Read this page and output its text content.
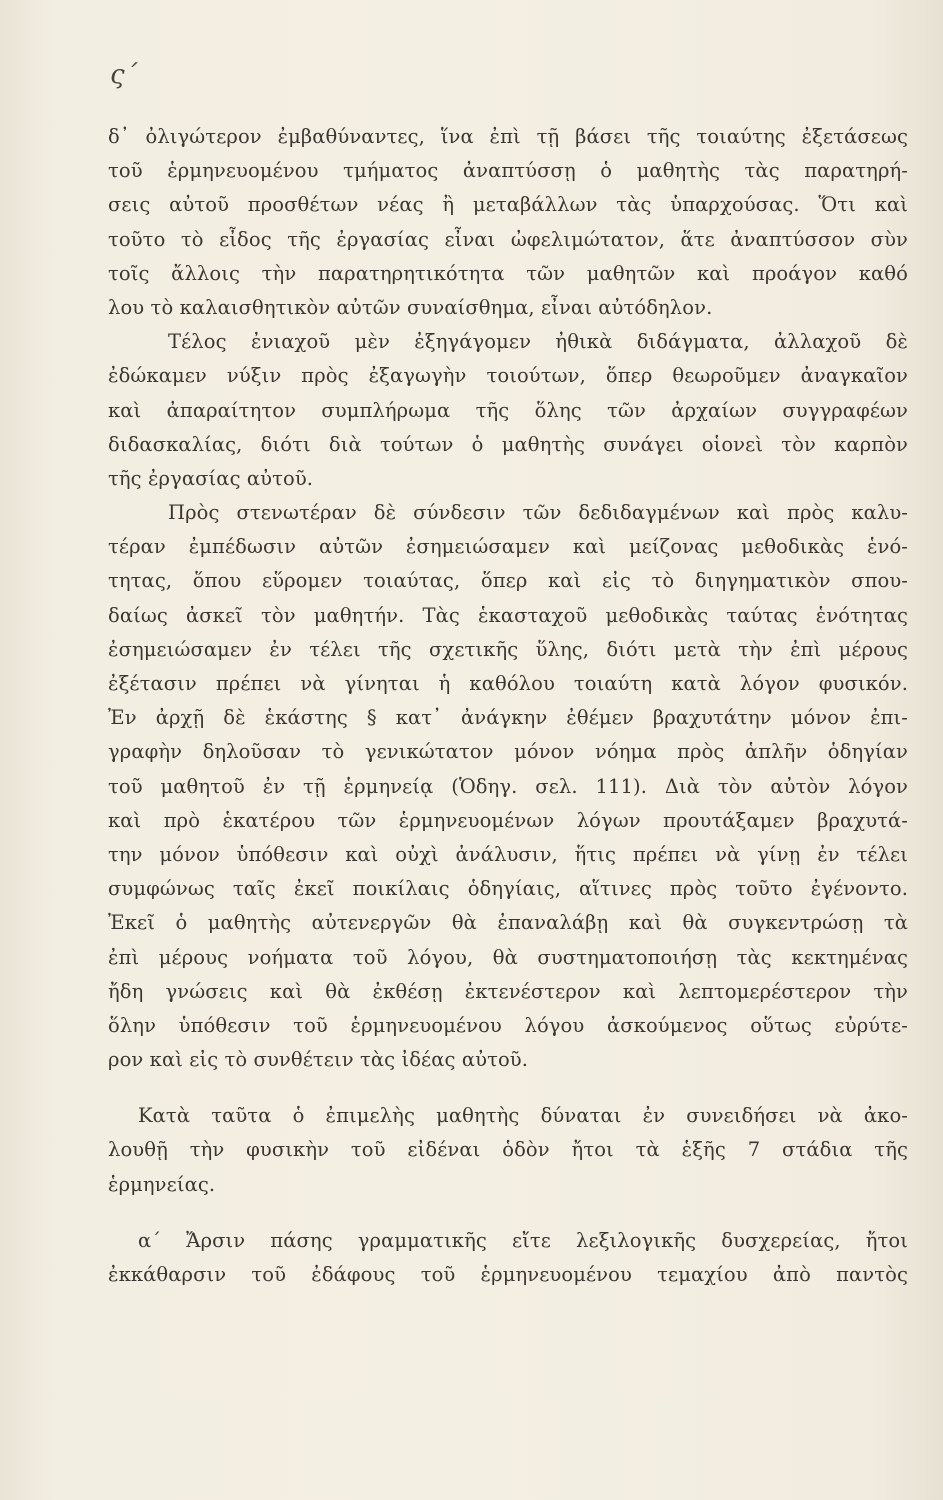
ς΄
δ᾽ ὀλιγώτερον ἐμβαθύναντες, ἵνα ἐπὶ τῇ βάσει τῆς τοιαύτης ἐξετάσεως
τοῦ ἑρμηνευομένου τμήματος ἀναπτύσσῃ ὁ μαθητὴς τὰς παρατηρή-
σεις αὐτοῦ προσθέτων νέας ἢ μεταβάλλων τὰς ὑπαρχούσας. Ὅτι καὶ
τοῦτο τὸ εἶδος τῆς ἐργασίας εἶναι ὠφελιμώτατον, ἅτε ἀναπτύσσον σὺν
τοῖς ἄλλοις τὴν παρατηρητικότητα τῶν μαθητῶν καὶ προάγον καθό
λου τὸ καλαισθητικὸν αὐτῶν συναίσθημα, εἶναι αὐτόδηλον.
Τέλος ἐνιαχοῦ μὲν ἐξηγάγομεν ἠθικὰ διδάγματα, ἀλλαχοῦ δὲ
ἐδώκαμεν νύξιν πρὸς ἐξαγωγὴν τοιούτων, ὅπερ θεωροῦμεν ἀναγκαῖον
καὶ ἀπαραίτητον συμπλήρωμα τῆς ὅλης τῶν ἀρχαίων συγγραφέων
διδασκαλίας, διότι διὰ τούτων ὁ μαθητὴς συνάγει οἱονεὶ τὸν καρπὸν
τῆς ἐργασίας αὐτοῦ.
Πρὸς στενωτέραν δὲ σύνδεσιν τῶν δεδιδαγμένων καὶ πρὸς καλυ-
τέραν ἐμπέδωσιν αὐτῶν ἐσημειώσαμεν καὶ μείζονας μεθοδικὰς ἑνό-
τητας, ὅπου εὕρομεν τοιαύτας, ὅπερ καὶ εἰς τὸ διηγηματικὸν σπου-
δαίως ἀσκεῖ τὸν μαθητήν. Τὰς ἑκασταχοῦ μεθοδικὰς ταύτας ἑνότητας
ἐσημειώσαμεν ἐν τέλει τῆς σχετικῆς ὕλης, διότι μετὰ τὴν ἐπὶ μέρους
ἐξέτασιν πρέπει νὰ γίνηται ἡ καθόλου τοιαύτη κατὰ λόγον φυσικόν.
Ἐν ἀρχῇ δὲ ἑκάστης § κατ᾽ ἀνάγκην ἐθέμεν βραχυτάτην μόνον ἐπι-
γραφὴν δηλοῦσαν τὸ γενικώτατον μόνον νόημα πρὸς ἁπλῆν ὁδηγίαν
τοῦ μαθητοῦ ἐν τῇ ἑρμηνείᾳ (Ὁδηγ. σελ. 111). Διὰ τὸν αὐτὸν λόγον
καὶ πρὸ ἑκατέρου τῶν ἑρμηνευομένων λόγων προυτάξαμεν βραχυτά-
την μόνον ὑπόθεσιν καὶ οὐχὶ ἀνάλυσιν, ἥτις πρέπει νὰ γίνῃ ἐν τέλει
συμφώνως ταῖς ἐκεῖ ποικίλαις ὁδηγίαις, αἵτινες πρὸς τοῦτο ἐγένοντο.
Ἐκεῖ ὁ μαθητὴς αὐτενεργῶν θὰ ἐπαναλάβῃ καὶ θὰ συγκεντρώσῃ τὰ
ἐπὶ μέρους νοήματα τοῦ λόγου, θὰ συστηματοποιήσῃ τὰς κεκτημένας
ἤδη γνώσεις καὶ θὰ ἐκθέσῃ ἐκτενέστερον καὶ λεπτομερέστερον τὴν
ὅλην ὑπόθεσιν τοῦ ἑρμηνευομένου λόγου ἀσκούμενος οὕτως εὐρύτε-
ρον καὶ εἰς τὸ συνθέτειν τὰς ἰδέας αὐτοῦ.
Κατὰ ταῦτα ὁ ἐπιμελὴς μαθητὴς δύναται ἐν συνειδήσει νὰ ἀκο-
λουθῇ τὴν φυσικὴν τοῦ εἰδέναι ὁδὸν ἤτοι τὰ ἑξῆς 7 στάδια τῆς
ἑρμηνείας.
α΄ Ἄρσιν πάσης γραμματικῆς εἴτε λεξιλογικῆς δυσχερείας, ἤτοι
ἐκκάθαρσιν τοῦ ἐδάφους τοῦ ἑρμηνευομένου τεμαχίου ἀπὸ παντὸς
